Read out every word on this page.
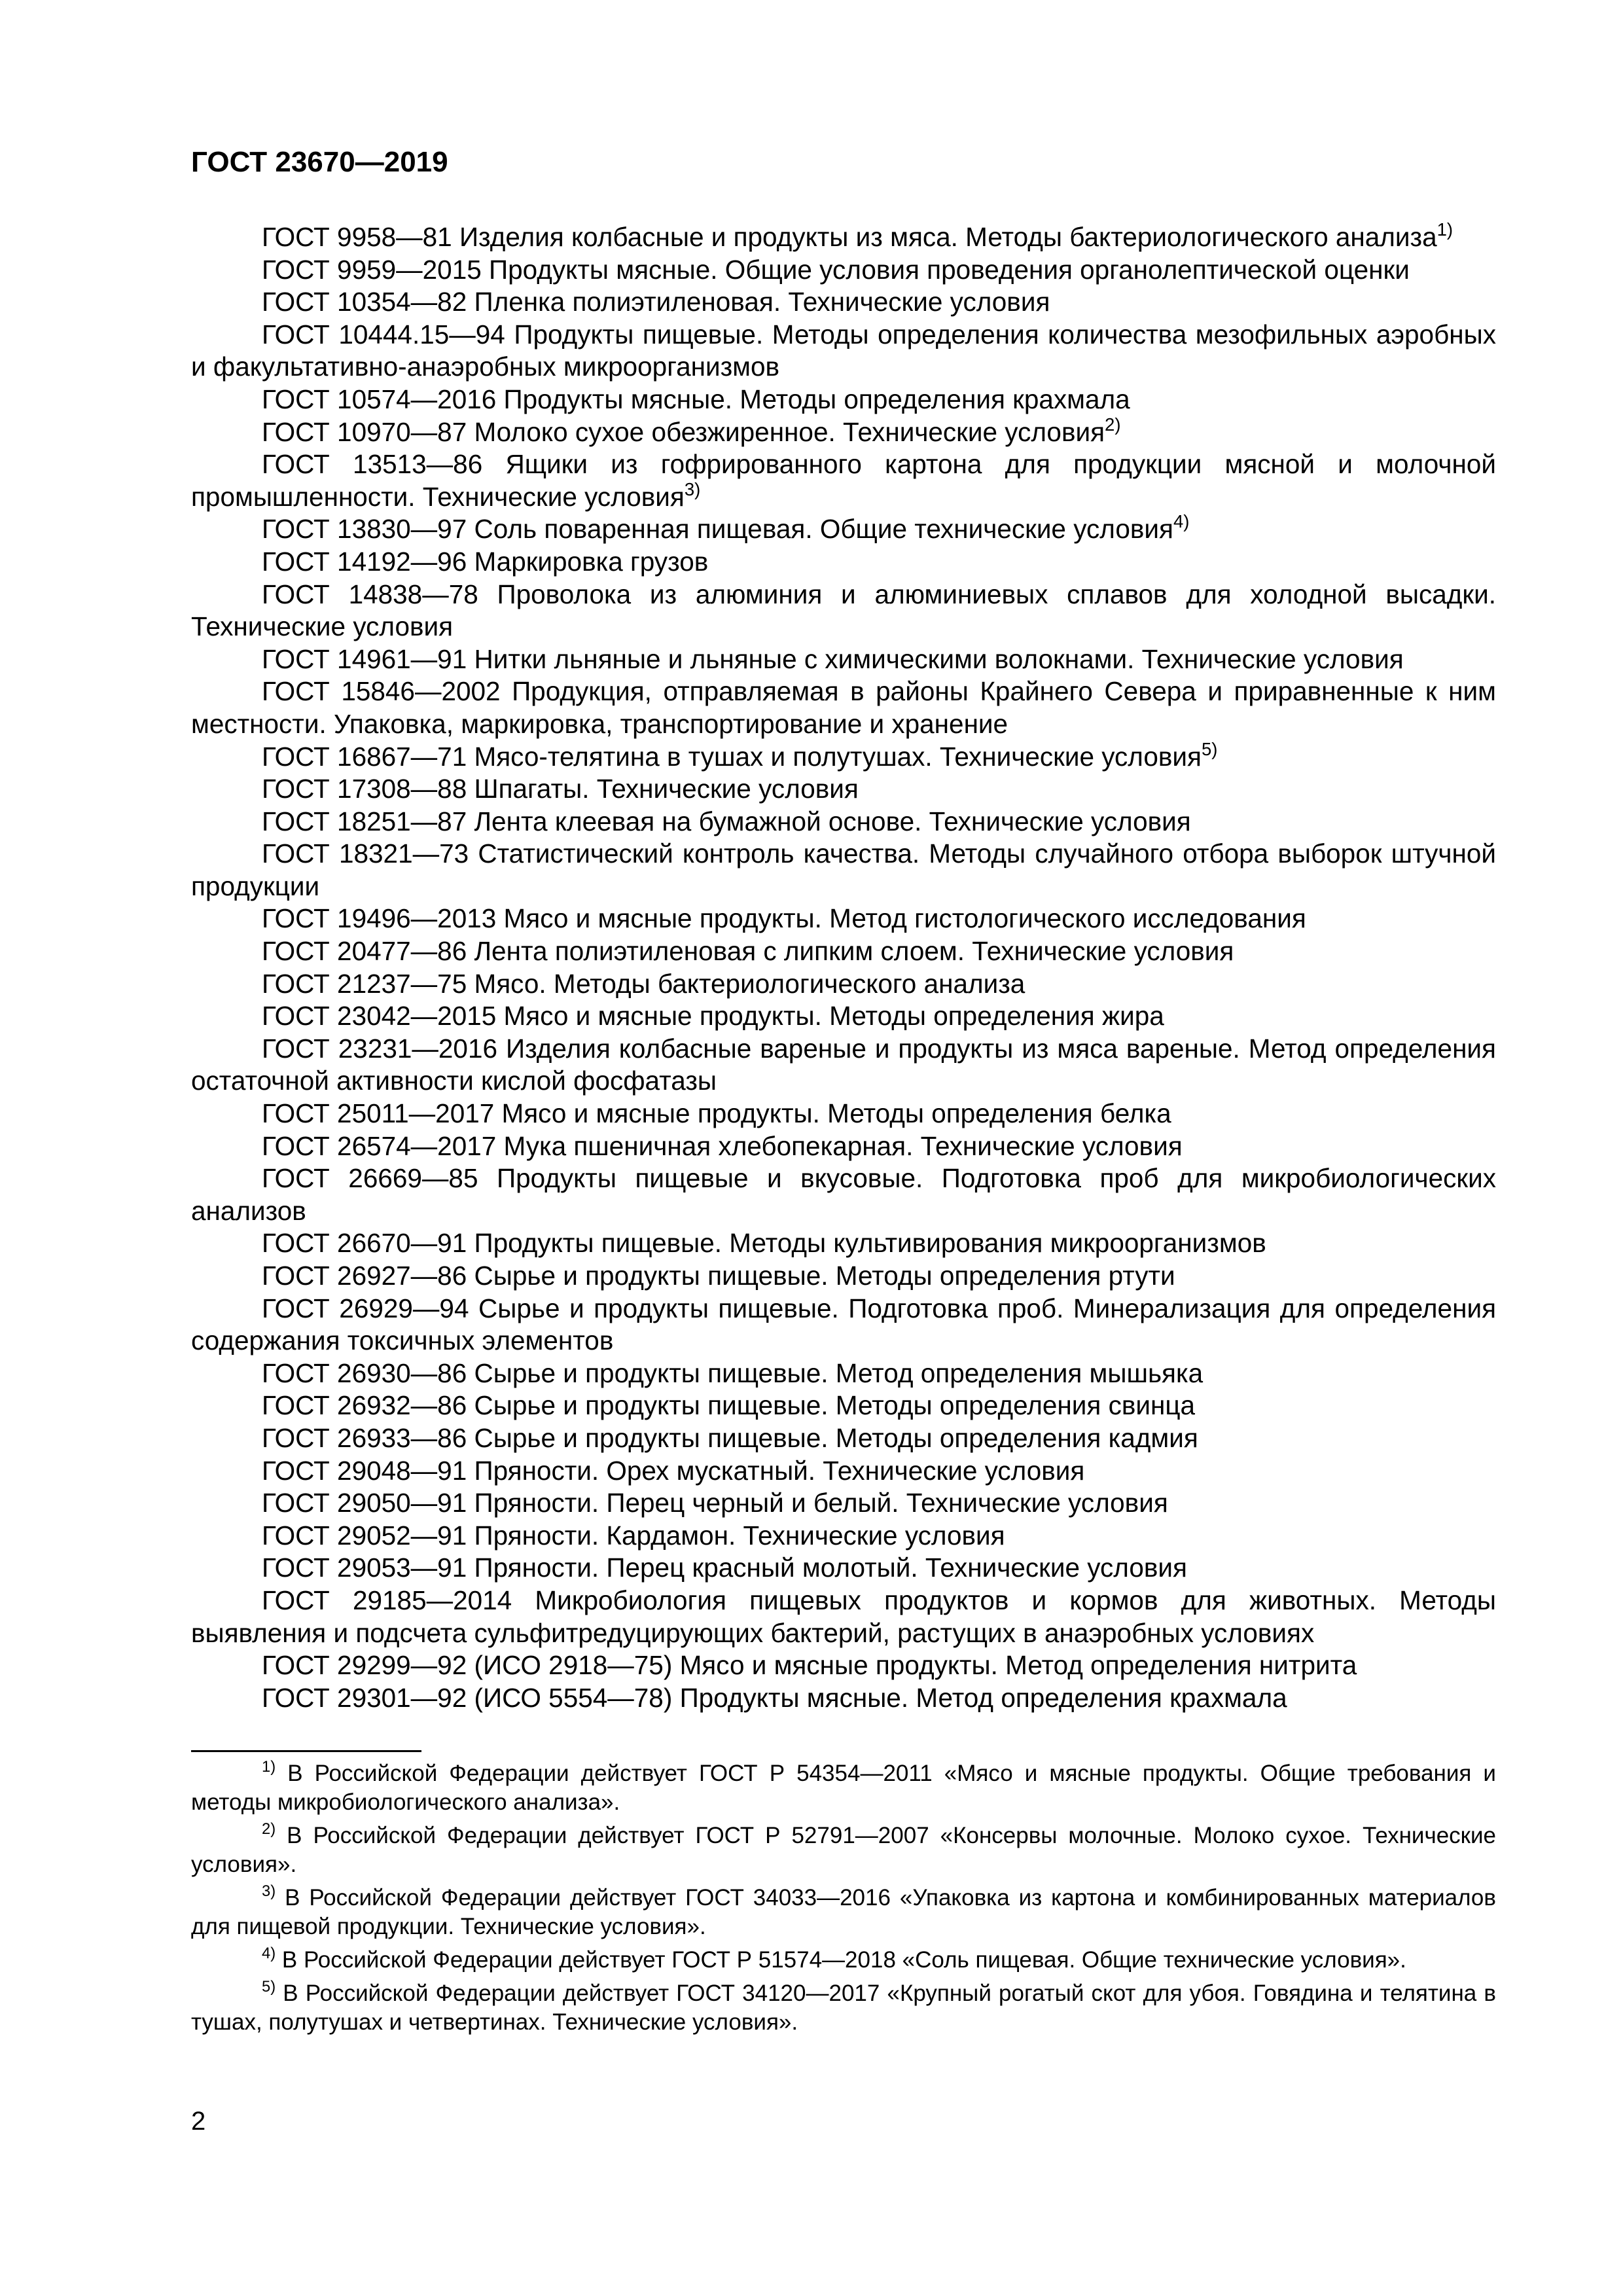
ГОСТ 23670—2019

ГОСТ 9958—81 Изделия колбасные и продукты из мяса. Методы бактериологического анализа$^{1)}$

ГОСТ 9959—2015 Продукты мясные. Общие условия проведения органолептической оценки

ГОСТ 10354—82 Пленка полиэтиленовая. Технические условия

ГОСТ 10444.15—94 Продукты пищевые. Методы определения количества мезофильных аэробных и факультативно-анаэробных микроорганизмов

ГОСТ 10574—2016 Продукты мясные. Методы определения крахмала

ГОСТ 10970—87 Молоко сухое обезжиренное. Технические условия$^{2)}$

ГОСТ 13513—86 Ящики из гофрированного картона для продукции мясной и молочной промышленности. Технические условия$^{3)}$

ГОСТ 13830—97 Соль поваренная пищевая. Общие технические условия$^{4)}$

ГОСТ 14192—96 Маркировка грузов

ГОСТ 14838—78 Проволока из алюминия и алюминиевых сплавов для холодной высадки. Технические условия

ГОСТ 14961—91 Нитки льняные и льняные с химическими волокнами. Технические условия

ГОСТ 15846—2002 Продукция, отправляемая в районы Крайнего Севера и приравненные к ним местности. Упаковка, маркировка, транспортирование и хранение

ГОСТ 16867—71 Мясо-телятина в тушах и полутушах. Технические условия$^{5)}$

ГОСТ 17308—88 Шпагаты. Технические условия

ГОСТ 18251—87 Лента клеевая на бумажной основе. Технические условия

ГОСТ 18321—73 Статистический контроль качества. Методы случайного отбора выборок штучной продукции

ГОСТ 19496—2013 Мясо и мясные продукты. Метод гистологического исследования

ГОСТ 20477—86 Лента полиэтиленовая с липким слоем. Технические условия

ГОСТ 21237—75 Мясо. Методы бактериологического анализа

ГОСТ 23042—2015 Мясо и мясные продукты. Методы определения жира

ГОСТ 23231—2016 Изделия колбасные вареные и продукты из мяса вареные. Метод определения остаточной активности кислой фосфатазы

ГОСТ 25011—2017 Мясо и мясные продукты. Методы определения белка

ГОСТ 26574—2017 Мука пшеничная хлебопекарная. Технические условия

ГОСТ 26669—85 Продукты пищевые и вкусовые. Подготовка проб для микробиологических анализов

ГОСТ 26670—91 Продукты пищевые. Методы культивирования микроорганизмов

ГОСТ 26927—86 Сырье и продукты пищевые. Методы определения ртути

ГОСТ 26929—94 Сырье и продукты пищевые. Подготовка проб. Минерализация для определения содержания токсичных элементов

ГОСТ 26930—86 Сырье и продукты пищевые. Метод определения мышьяка

ГОСТ 26932—86 Сырье и продукты пищевые. Методы определения свинца

ГОСТ 26933—86 Сырье и продукты пищевые. Методы определения кадмия

ГОСТ 29048—91 Пряности. Орех мускатный. Технические условия

ГОСТ 29050—91 Пряности. Перец черный и белый. Технические условия

ГОСТ 29052—91 Пряности. Кардамон. Технические условия

ГОСТ 29053—91 Пряности. Перец красный молотый. Технические условия

ГОСТ 29185—2014 Микробиология пищевых продуктов и кормов для животных. Методы выявления и подсчета сульфитредуцирующих бактерий, растущих в анаэробных условиях

ГОСТ 29299—92 (ИСО 2918—75) Мясо и мясные продукты. Метод определения нитрита

ГОСТ 29301—92 (ИСО 5554—78) Продукты мясные. Метод определения крахмала

$^{1)}$ В Российской Федерации действует ГОСТ Р 54354—2011 «Мясо и мясные продукты. Общие требования и методы микробиологического анализа».

$^{2)}$ В Российской Федерации действует ГОСТ Р 52791—2007 «Консервы молочные. Молоко сухое. Технические условия».

$^{3)}$ В Российской Федерации действует ГОСТ 34033—2016 «Упаковка из картона и комбинированных материалов для пищевой продукции. Технические условия».

$^{4)}$ В Российской Федерации действует ГОСТ Р 51574—2018 «Соль пищевая. Общие технические условия».

$^{5)}$ В Российской Федерации действует ГОСТ 34120—2017 «Крупный рогатый скот для убоя. Говядина и телятина в тушах, полутушах и четвертинах. Технические условия».

2
